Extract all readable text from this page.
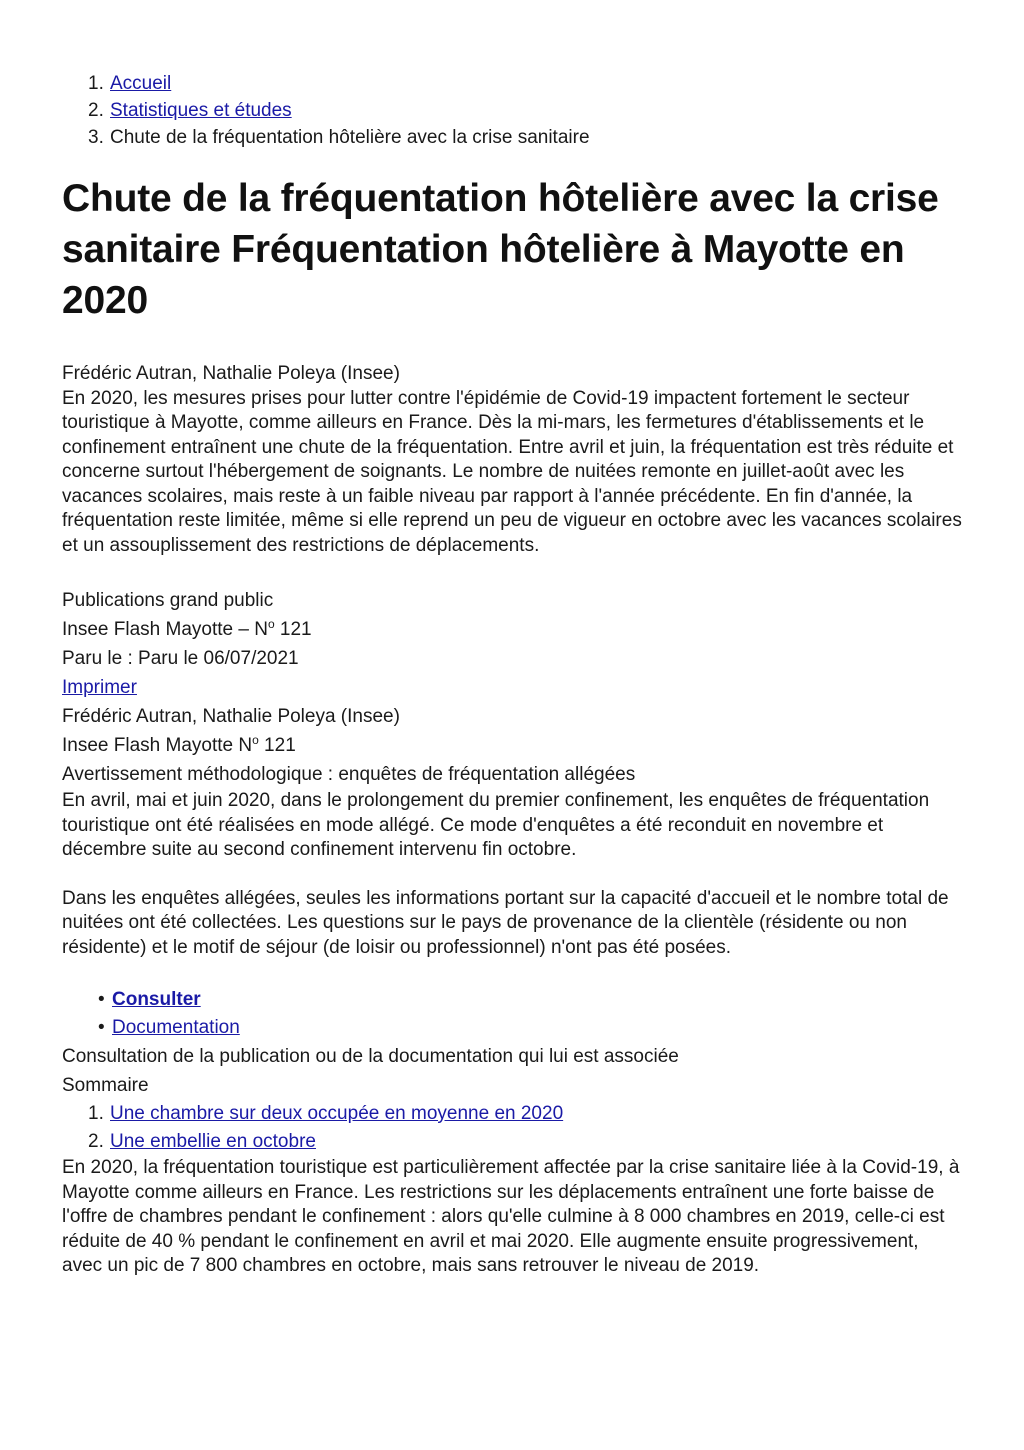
1. Accueil
2. Statistiques et études
3. Chute de la fréquentation hôtelière avec la crise sanitaire
Chute de la fréquentation hôtelière avec la crise sanitaire Fréquentation hôtelière à Mayotte en 2020
Frédéric Autran, Nathalie Poleya (Insee)

En 2020, les mesures prises pour lutter contre l'épidémie de Covid-19 impactent fortement le secteur touristique à Mayotte, comme ailleurs en France. Dès la mi-mars, les fermetures d'établissements et le confinement entraînent une chute de la fréquentation. Entre avril et juin, la fréquentation est très réduite et concerne surtout l'hébergement de soignants. Le nombre de nuitées remonte en juillet-août avec les vacances scolaires, mais reste à un faible niveau par rapport à l'année précédente. En fin d'année, la fréquentation reste limitée, même si elle reprend un peu de vigueur en octobre avec les vacances scolaires et un assouplissement des restrictions de déplacements.

Publications grand public
Insee Flash Mayotte – $N^o$ 121
Paru le : Paru le 06/07/2021
Imprimer
Frédéric Autran, Nathalie Poleya (Insee)
Insee Flash Mayotte $N^o$ 121
Avertissement méthodologique : enquêtes de fréquentation allégées

En avril, mai et juin 2020, dans le prolongement du premier confinement, les enquêtes de fréquentation touristique ont été réalisées en mode allégé. Ce mode d'enquêtes a été reconduit en novembre et décembre suite au second confinement intervenu fin octobre.

Dans les enquêtes allégées, seules les informations portant sur la capacité d'accueil et le nombre total de nuitées ont été collectées. Les questions sur le pays de provenance de la clientèle (résidente ou non résidente) et le motif de séjour (de loisir ou professionnel) n'ont pas été posées.

• Consulter
• Documentation
Consultation de la publication ou de la documentation qui lui est associée
Sommaire
1. Une chambre sur deux occupée en moyenne en 2020
2. Une embellie en octobre

En 2020, la fréquentation touristique est particulièrement affectée par la crise sanitaire liée à la Covid-19, à Mayotte comme ailleurs en France. Les restrictions sur les déplacements entraînent une forte baisse de l'offre de chambres pendant le confinement : alors qu'elle culmine à 8 000 chambres en 2019, celle-ci est réduite de 40 % pendant le confinement en avril et mai 2020. Elle augmente ensuite progressivement, avec un pic de 7 800 chambres en octobre, mais sans retrouver le niveau de 2019.
